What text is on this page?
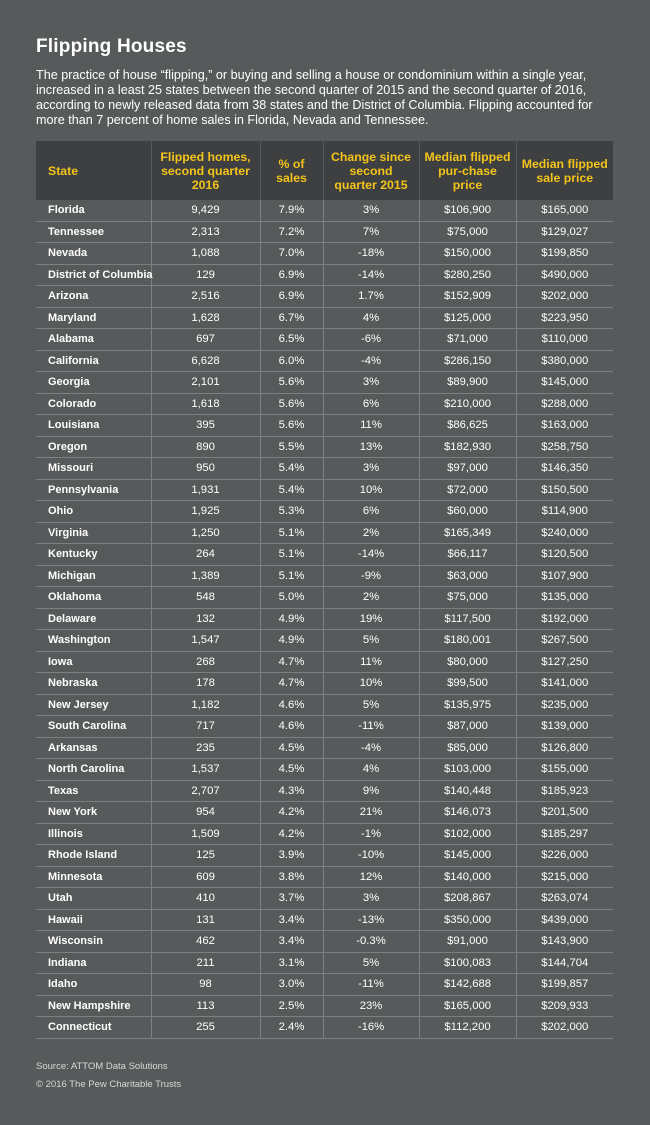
Flipping Houses
The practice of house “flipping,” or buying and selling a house or condominium within a single year, increased in a least 25 states between the second quarter of 2015 and the second quarter of 2016, according to newly released data from 38 states and the District of Columbia. Flipping accounted for more than 7 percent of home sales in Florida, Nevada and Tennessee.
State	Flipped homes, second quarter 2016	% of sales	Change since second quarter 2015	Median flipped pur-chase price	Median flipped sale price
Florida	9,429	7.9%	3%	$106,900	$165,000
Tennessee	2,313	7.2%	7%	$75,000	$129,027
Nevada	1,088	7.0%	-18%	$150,000	$199,850
District of Columbia	129	6.9%	-14%	$280,250	$490,000
Arizona	2,516	6.9%	1.7%	$152,909	$202,000
Maryland	1,628	6.7%	4%	$125,000	$223,950
Alabama	697	6.5%	-6%	$71,000	$110,000
California	6,628	6.0%	-4%	$286,150	$380,000
Georgia	2,101	5.6%	3%	$89,900	$145,000
Colorado	1,618	5.6%	6%	$210,000	$288,000
Louisiana	395	5.6%	11%	$86,625	$163,000
Oregon	890	5.5%	13%	$182,930	$258,750
Missouri	950	5.4%	3%	$97,000	$146,350
Pennsylvania	1,931	5.4%	10%	$72,000	$150,500
Ohio	1,925	5.3%	6%	$60,000	$114,900
Virginia	1,250	5.1%	2%	$165,349	$240,000
Kentucky	264	5.1%	-14%	$66,117	$120,500
Michigan	1,389	5.1%	-9%	$63,000	$107,900
Oklahoma	548	5.0%	2%	$75,000	$135,000
Delaware	132	4.9%	19%	$117,500	$192,000
Washington	1,547	4.9%	5%	$180,001	$267,500
Iowa	268	4.7%	11%	$80,000	$127,250
Nebraska	178	4.7%	10%	$99,500	$141,000
New Jersey	1,182	4.6%	5%	$135,975	$235,000
South Carolina	717	4.6%	-11%	$87,000	$139,000
Arkansas	235	4.5%	-4%	$85,000	$126,800
North Carolina	1,537	4.5%	4%	$103,000	$155,000
Texas	2,707	4.3%	9%	$140,448	$185,923
New York	954	4.2%	21%	$146,073	$201,500
Illinois	1,509	4.2%	-1%	$102,000	$185,297
Rhode Island	125	3.9%	-10%	$145,000	$226,000
Minnesota	609	3.8%	12%	$140,000	$215,000
Utah	410	3.7%	3%	$208,867	$263,074
Hawaii	131	3.4%	-13%	$350,000	$439,000
Wisconsin	462	3.4%	-0.3%	$91,000	$143,900
Indiana	211	3.1%	5%	$100,083	$144,704
Idaho	98	3.0%	-11%	$142,688	$199,857
New Hampshire	113	2.5%	23%	$165,000	$209,933
Connecticut	255	2.4%	-16%	$112,200	$202,000
Source: ATTOM Data Solutions
© 2016 The Pew Charitable Trusts
